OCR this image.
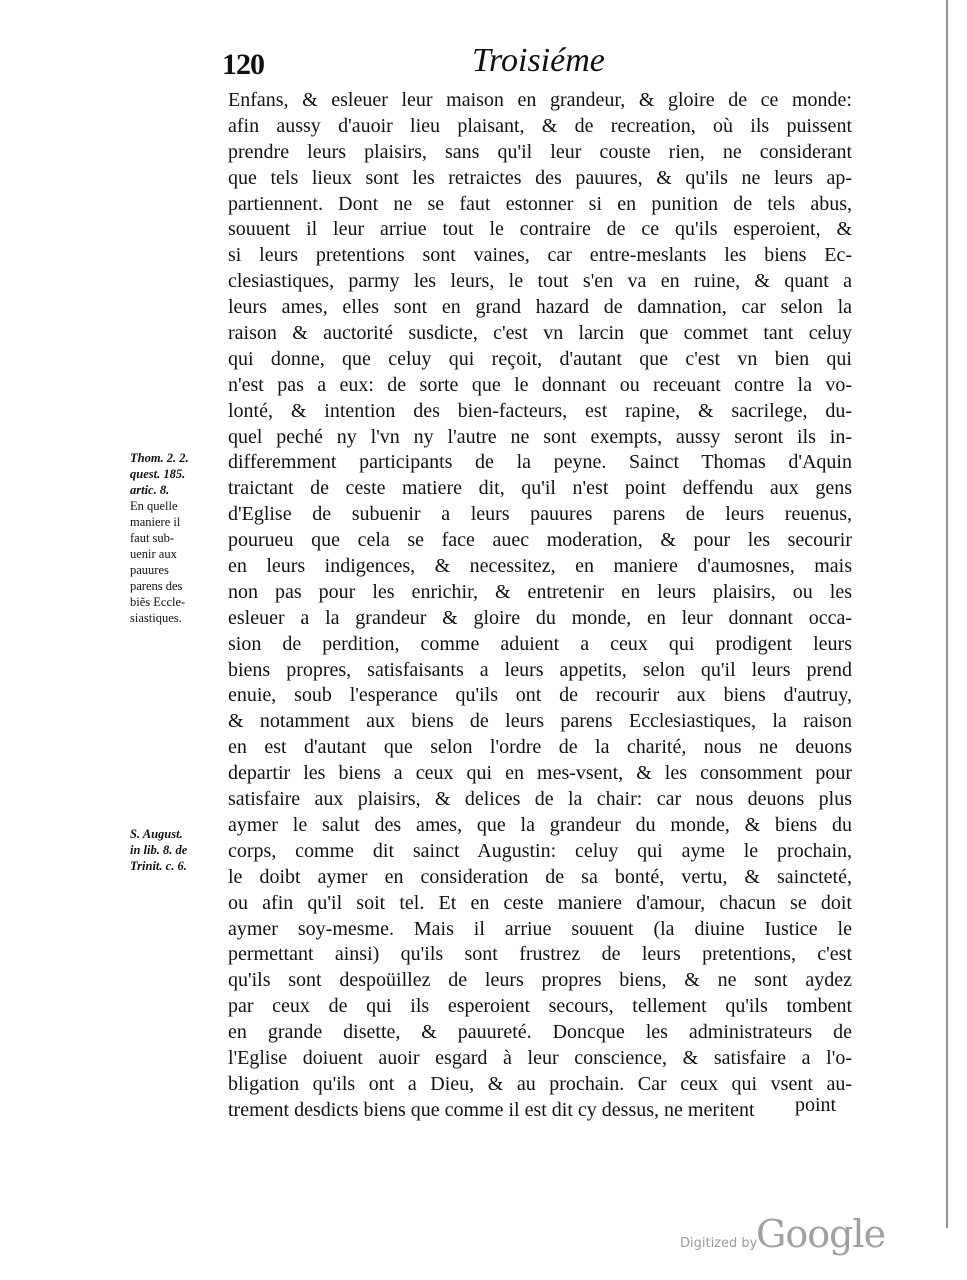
120	Troisiéme
Enfans, & esleuer leur maison en grandeur, & gloire de ce monde:
afin aussy d'auoir lieu plaisant, & de recreation, où ils puissent
prendre leurs plaisirs, sans qu'il leur couste rien, ne considerant
que tels lieux sont les retraictes des pauures, & qu'ils ne leurs ap-
partiennent. Dont ne se faut estonner si en punition de tels abus,
souuent il leur arriue tout le contraire de ce qu'ils esperoient, &
si leurs pretentions sont vaines, car entre-meslants les biens Ec-
clesiastiques, parmy les leurs, le tout s'en va en ruine, & quant a
leurs ames, elles sont en grand hazard de damnation, car selon la
raison & auctorité susdicte, c'est vn larcin que commet tant celuy
qui donne, que celuy qui reçoit, d'autant que c'est vn bien qui
n'est pas a eux: de sorte que le donnant ou receuant contre la vo-
lonté, & intention des bien-facteurs, est rapine, & sacrilege, du-
quel peché ny l'vn ny l'autre ne sont exempts, aussy seront ils in-
differemment participants de la peyne. Sainct Thomas d'Aquin
traictant de ceste matiere dit, qu'il n'est point deffendu aux gens
d'Eglise de subuenir a leurs pauures parens de leurs reuenus,
pourueu que cela se face auec moderation, & pour les secourir
en leurs indigences, & necessitez, en maniere d'aumosnes, mais
non pas pour les enrichir, & entretenir en leurs plaisirs, ou les
esleuer a la grandeur & gloire du monde, en leur donnant occa-
sion de perdition, comme aduient a ceux qui prodigent leurs
biens propres, satisfaisants a leurs appetits, selon qu'il leurs prend
enuie, soub l'esperance qu'ils ont de recourir aux biens d'autruy,
& notamment aux biens de leurs parens Ecclesiastiques, la raison
en est d'autant que selon l'ordre de la charité, nous ne deuons
departir les biens a ceux qui en mes-vsent, & les consomment pour
satisfaire aux plaisirs, & delices de la chair: car nous deuons plus
aymer le salut des ames, que la grandeur du monde, & biens du
corps, comme dit sainct Augustin: celuy qui ayme le prochain,
le doibt aymer en consideration de sa bonté, vertu, & saincteté,
ou afin qu'il soit tel. Et en ceste maniere d'amour, chacun se doit
aymer soy-mesme. Mais il arriue souuent (la diuine Iustice le
permettant ainsi) qu'ils sont frustrez de leurs pretentions, c'est
qu'ils sont despoüillez de leurs propres biens, & ne sont aydez
par ceux de qui ils esperoient secours, tellement qu'ils tombent
en grande disette, & pauureté. Doncque les administrateurs de
l'Eglise doiuent auoir esgard à leur conscience, & satisfaire a l'o-
bligation qu'ils ont a Dieu, & au prochain. Car ceux qui vsent au-
trement desdicts biens que comme il est dit cy dessus, ne meritent	point
Thom. 2. 2.
quest. 185.
artic. 8.
En quelle
maniere il
faut sub-
uenir aux
pauures
parens des
biẽs Eccle-
siastiques.
S. August.
in lib. 8. de
Trinit. c. 6.
Digitized by
Google
